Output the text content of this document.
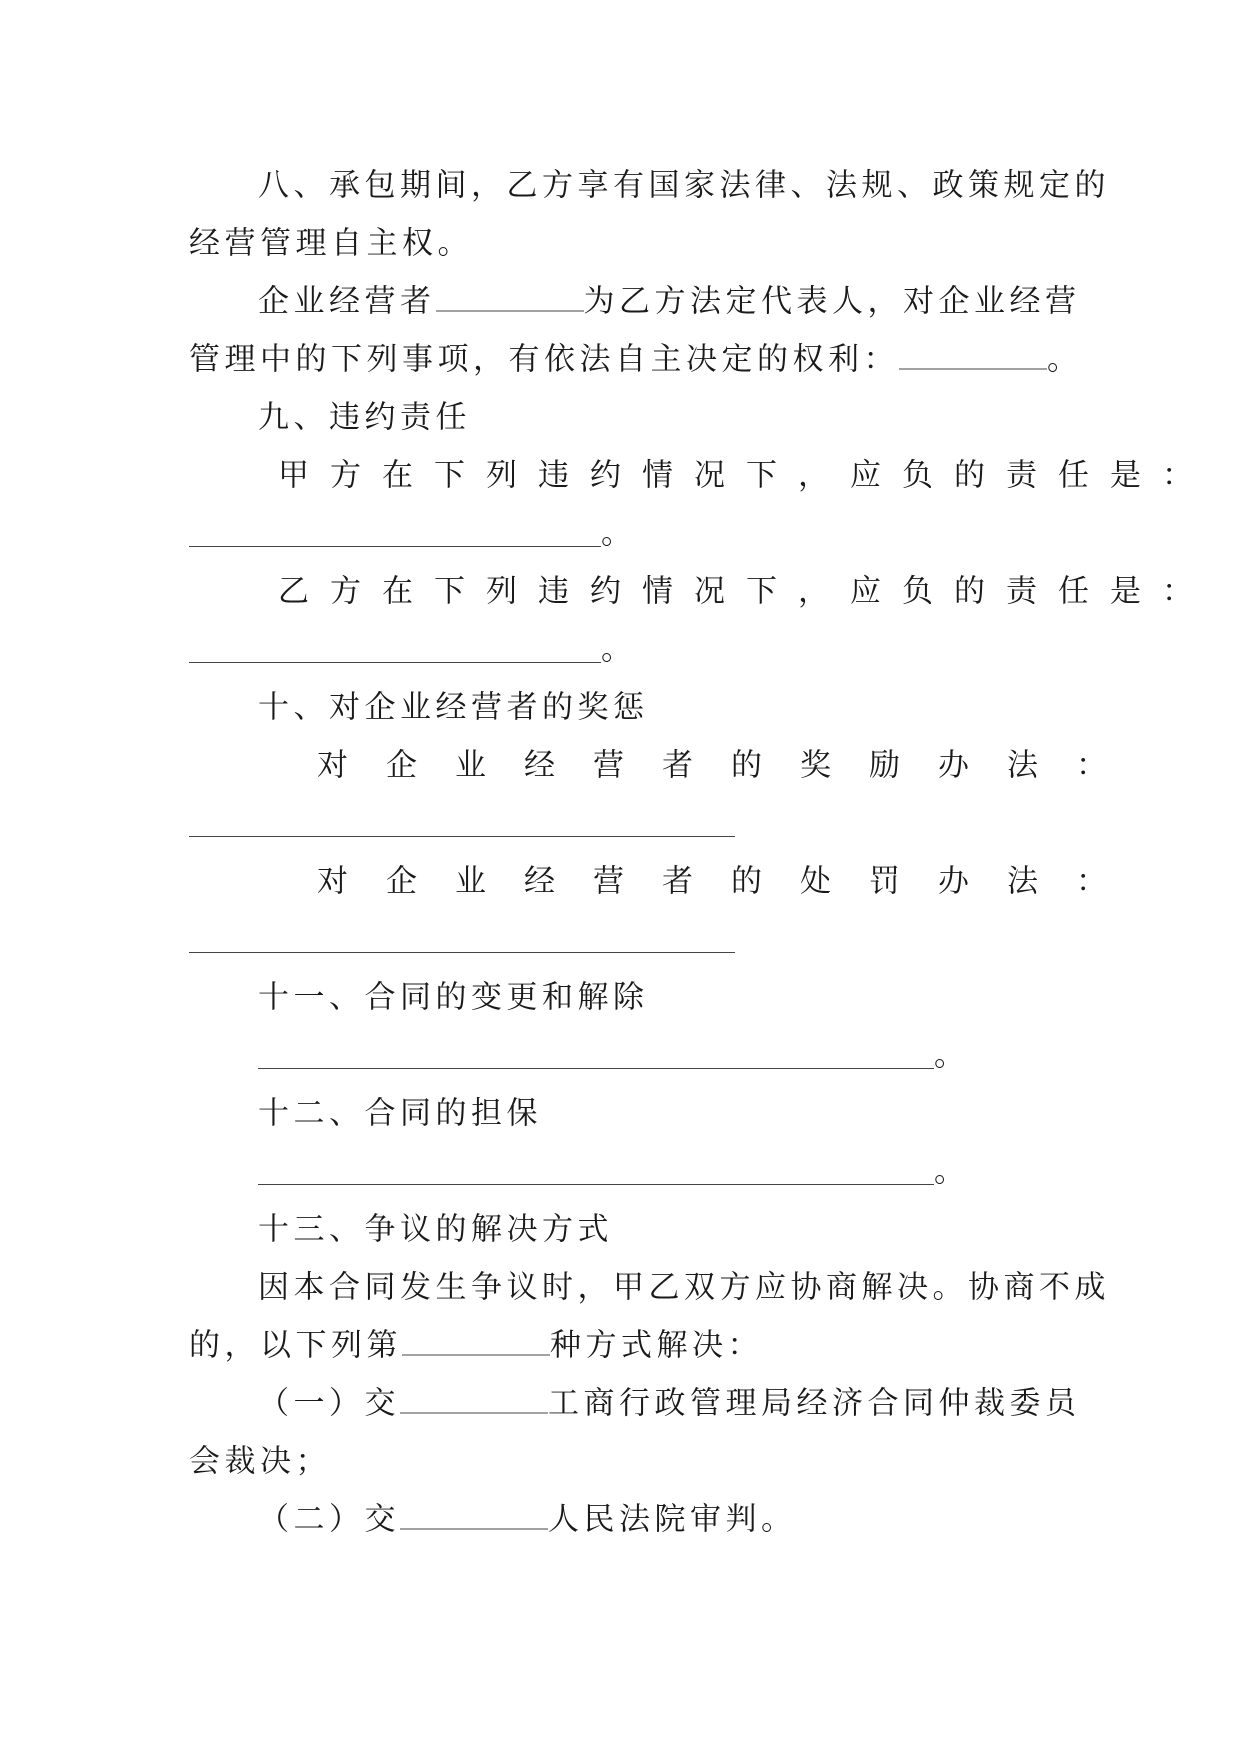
八、承包期间，乙方享有国家法律、法规、政策规定的
经营管理自主权。
企业经营者	为乙方法定代表人，对企业经营
管理中的下列事项，有依法自主决定的权利：	。
九、违约责任
甲方在下列违约情况下，应负的责任是：
。
乙方在下列违约情况下，应负的责任是：
。
十、对企业经营者的奖惩
对企业经营者的奖励办法：
对企业经营者的处罚办法：
十一、合同的变更和解除
。
十二、合同的担保
。
十三、争议的解决方式
因本合同发生争议时，甲乙双方应协商解决。协商不成
的，以下列第	种方式解决：
（一）交	工商行政管理局经济合同仲裁委员
会裁决；
（二）交	人民法院审判。
